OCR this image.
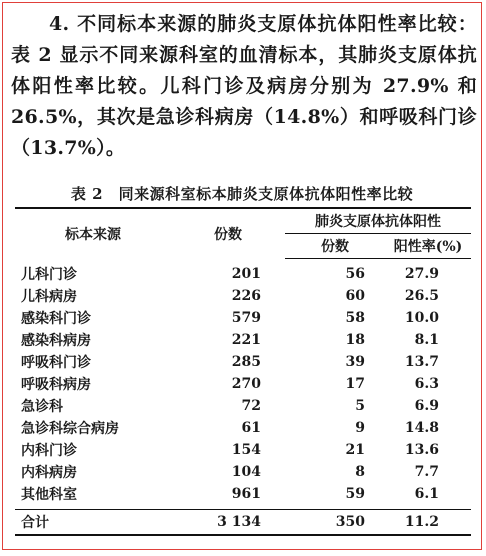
4. 不同标本来源的肺炎支原体抗体阳性率比较：表 2 显示不同来源科室的血清标本，其肺炎支原体抗体阳性率比较。儿科门诊及病房分别为 27.9% 和 26.5%，其次是急诊科病房（14.8%）和呼吸科门诊（13.7%）。
表 2　同来源科室标本肺炎支原体抗体阳性率比较
标本来源	份数	肺炎支原体抗体阳性	
		份数	阳性率(%)
儿科门诊	201	56	27.9
儿科病房	226	60	26.5
感染科门诊	579	58	10.0
感染科病房	221	18	8.1
呼吸科门诊	285	39	13.7
呼吸科病房	270	17	6.3
急诊科	72	5	6.9
急诊科综合病房	61	9	14.8
内科门诊	154	21	13.6
内科病房	104	8	7.7
其他科室	961	59	6.1
合计	3 134	350	11.2
